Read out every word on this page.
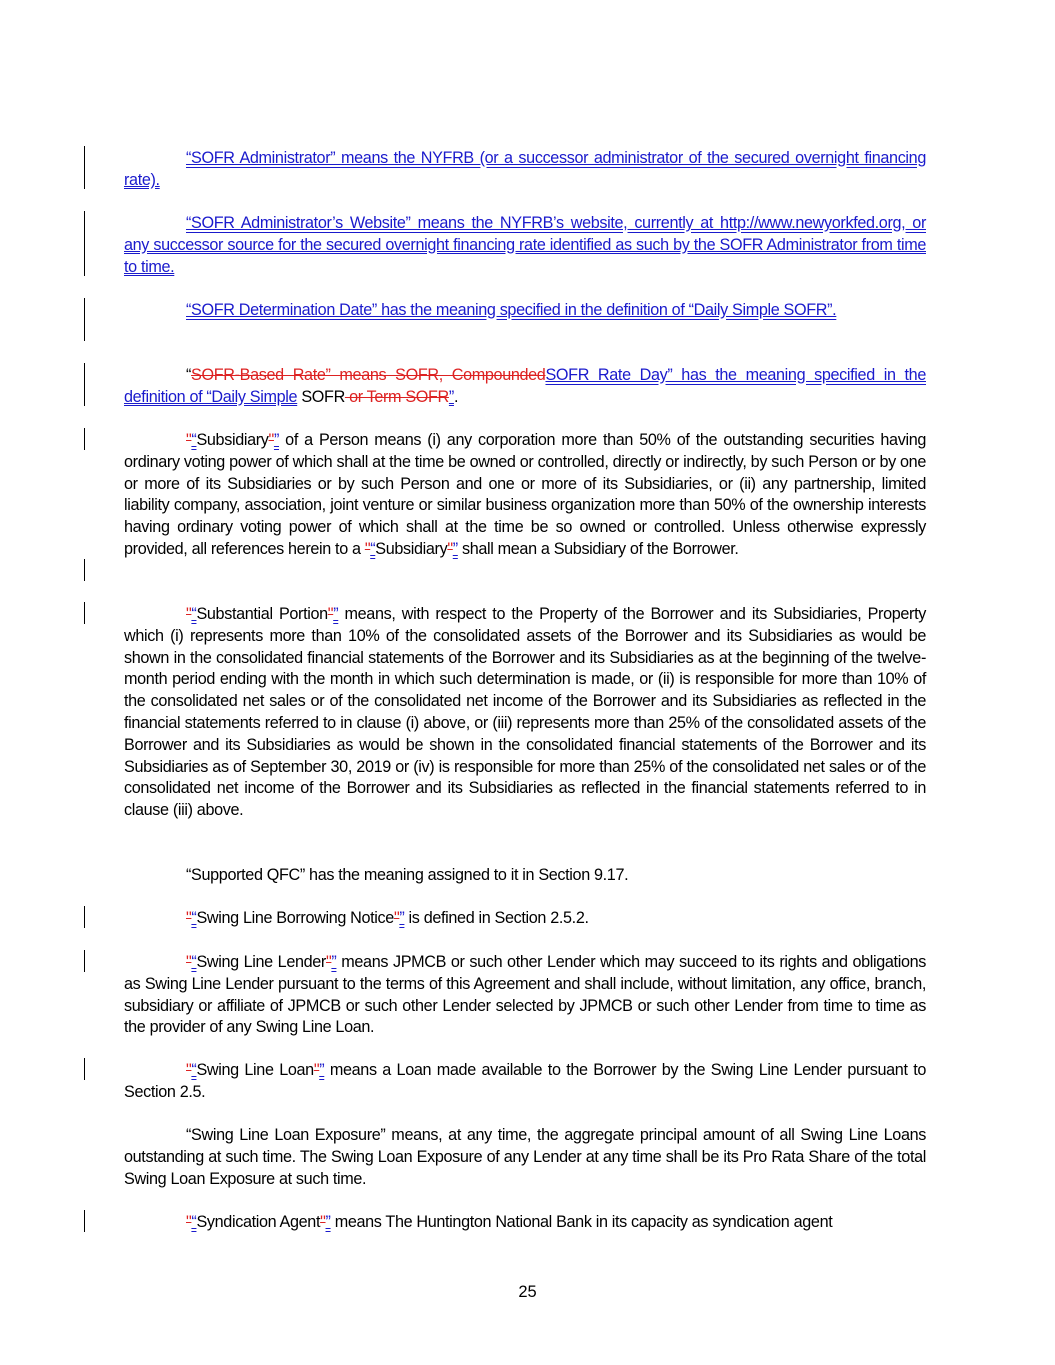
“SOFR Administrator” means the NYFRB (or a successor administrator of the secured overnight financing rate).

“SOFR Administrator’s Website” means the NYFRB’s website, currently at http://www.newyorkfed.org, or any successor source for the secured overnight financing rate identified as such by the SOFR Administrator from time to time.

“SOFR Determination Date” has the meaning specified in the definition of “Daily Simple SOFR”.

“SOFR-Based Rate” means SOFR, CompoundedSOFR Rate Day” has the meaning specified in the definition of “Daily Simple SOFR or Term SOFR”.

"“Subsidiary"” of a Person means (i) any corporation more than 50% of the outstanding securities having ordinary voting power of which shall at the time be owned or controlled, directly or indirectly, by such Person or by one or more of its Subsidiaries or by such Person and one or more of its Subsidiaries, or (ii) any partnership, limited liability company, association, joint venture or similar business organization more than 50% of the ownership interests having ordinary voting power of which shall at the time be so owned or controlled. Unless otherwise expressly provided, all references herein to a "“Subsidiary"” shall mean a Subsidiary of the Borrower.

"“Substantial Portion"” means, with respect to the Property of the Borrower and its Subsidiaries, Property which (i) represents more than 10% of the consolidated assets of the Borrower and its Subsidiaries as would be shown in the consolidated financial statements of the Borrower and its Subsidiaries as at the beginning of the twelve-month period ending with the month in which such determination is made, or (ii) is responsible for more than 10% of the consolidated net sales or of the consolidated net income of the Borrower and its Subsidiaries as reflected in the financial statements referred to in clause (i) above, or (iii) represents more than 25% of the consolidated assets of the Borrower and its Subsidiaries as would be shown in the consolidated financial statements of the Borrower and its Subsidiaries as of September 30, 2019 or (iv) is responsible for more than 25% of the consolidated net sales or of the consolidated net income of the Borrower and its Subsidiaries as reflected in the financial statements referred to in clause (iii) above.

“Supported QFC” has the meaning assigned to it in Section 9.17.

"“Swing Line Borrowing Notice"” is defined in Section 2.5.2.

"“Swing Line Lender"” means JPMCB or such other Lender which may succeed to its rights and obligations as Swing Line Lender pursuant to the terms of this Agreement and shall include, without limitation, any office, branch, subsidiary or affiliate of JPMCB or such other Lender selected by JPMCB or such other Lender from time to time as the provider of any Swing Line Loan.

"“Swing Line Loan"” means a Loan made available to the Borrower by the Swing Line Lender pursuant to Section 2.5.

“Swing Line Loan Exposure” means, at any time, the aggregate principal amount of all Swing Line Loans outstanding at such time. The Swing Loan Exposure of any Lender at any time shall be its Pro Rata Share of the total Swing Loan Exposure at such time.

"“Syndication Agent"” means The Huntington National Bank in its capacity as syndication agent

25
